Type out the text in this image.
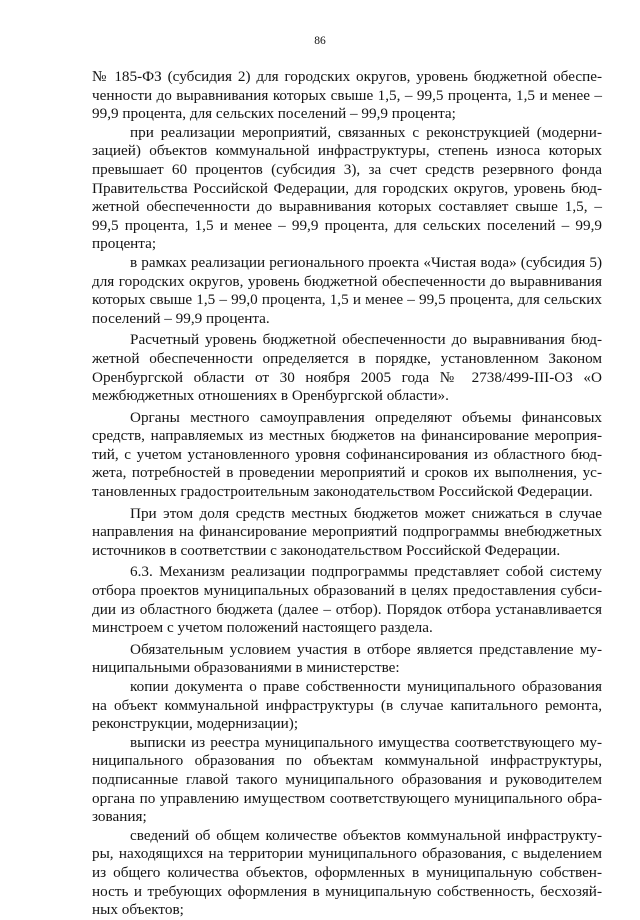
86

№ 185-ФЗ (субсидия 2) для городских округов, уровень бюджетной обеспеченности до выравнивания которых свыше 1,5, – 99,5 процента, 1,5 и менее – 99,9 процента, для сельских поселений – 99,9 процента;

при реализации мероприятий, связанных с реконструкцией (модернизацией) объектов коммунальной инфраструктуры, степень износа которых превышает 60 процентов (субсидия 3), за счет средств резервного фонда Правительства Российской Федерации, для городских округов, уровень бюджетной обеспеченности до выравнивания которых составляет свыше 1,5, – 99,5 процента, 1,5 и менее – 99,9 процента, для сельских поселений – 99,9 процента;

в рамках реализации регионального проекта «Чистая вода» (субсидия 5) для городских округов, уровень бюджетной обеспеченности до выравнивания которых свыше 1,5 – 99,0 процента, 1,5 и менее – 99,5 процента, для сельских поселений – 99,9 процента.

Расчетный уровень бюджетной обеспеченности до выравнивания бюджетной обеспеченности определяется в порядке, установленном Законом Оренбургской области от 30 ноября 2005 года № 2738/499-III-ОЗ «О межбюджетных отношениях в Оренбургской области».

Органы местного самоуправления определяют объемы финансовых средств, направляемых из местных бюджетов на финансирование мероприятий, с учетом установленного уровня софинансирования из областного бюджета, потребностей в проведении мероприятий и сроков их выполнения, установленных градостроительным законодательством Российской Федерации.

При этом доля средств местных бюджетов может снижаться в случае направления на финансирование мероприятий подпрограммы внебюджетных источников в соответствии с законодательством Российской Федерации.

6.3. Механизм реализации подпрограммы представляет собой систему отбора проектов муниципальных образований в целях предоставления субсидии из областного бюджета (далее – отбор). Порядок отбора устанавливается минстроем с учетом положений настоящего раздела.

Обязательным условием участия в отборе является представление муниципальными образованиями в министерстве:

копии документа о праве собственности муниципального образования на объект коммунальной инфраструктуры (в случае капитального ремонта, реконструкции, модернизации);

выписки из реестра муниципального имущества соответствующего муниципального образования по объектам коммунальной инфраструктуры, подписанные главой такого муниципального образования и руководителем органа по управлению имуществом соответствующего муниципального образования;

сведений об общем количестве объектов коммунальной инфраструктуры, находящихся на территории муниципального образования, с выделением из общего количества объектов, оформленных в муниципальную собственность и требующих оформления в муниципальную собственность, бесхозяйных объектов;
